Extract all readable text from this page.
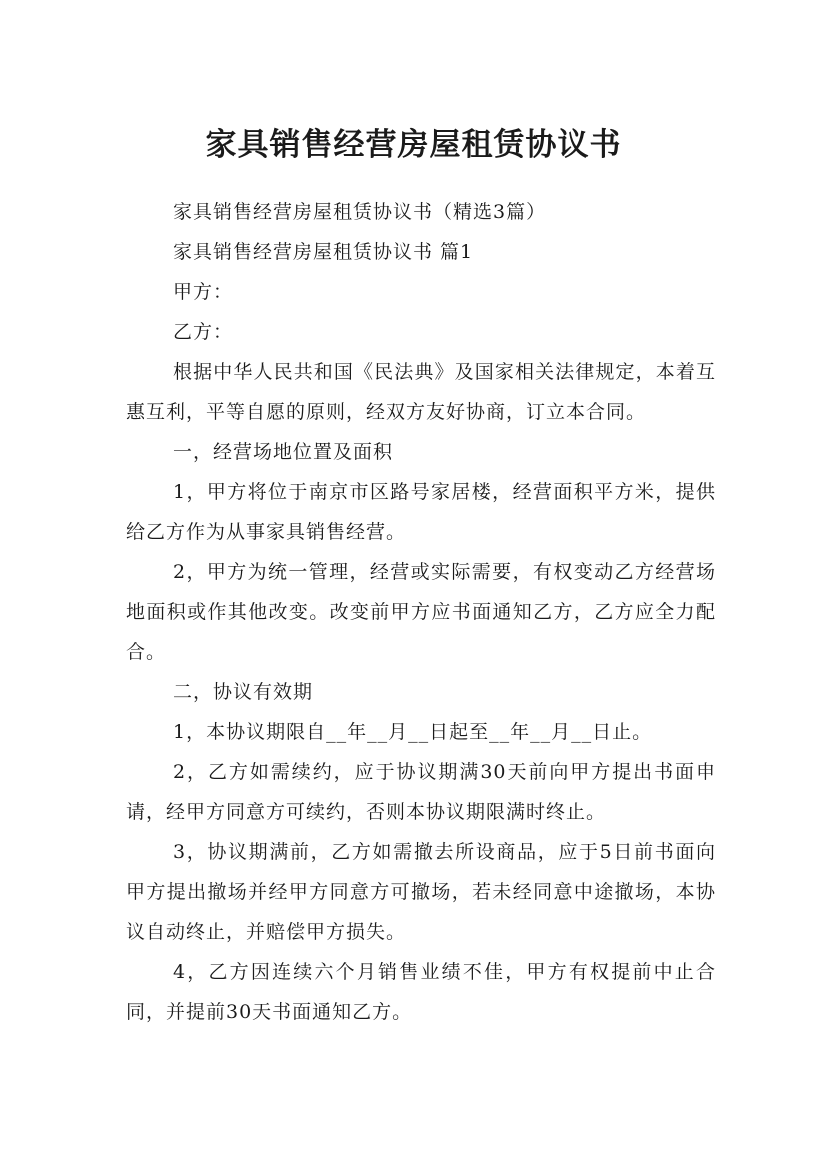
家具销售经营房屋租赁协议书

家具销售经营房屋租赁协议书（精选3篇）

家具销售经营房屋租赁协议书 篇1

甲方：

乙方：

根据中华人民共和国《民法典》及国家相关法律规定，本着互惠互利，平等自愿的原则，经双方友好协商，订立本合同。

一，经营场地位置及面积

1，甲方将位于南京市区路号家居楼，经营面积平方米，提供给乙方作为从事家具销售经营。

2，甲方为统一管理，经营或实际需要，有权变动乙方经营场地面积或作其他改变。改变前甲方应书面通知乙方，乙方应全力配合。

二，协议有效期

1，本协议期限自__年__月__日起至__年__月__日止。

2，乙方如需续约，应于协议期满30天前向甲方提出书面申请，经甲方同意方可续约，否则本协议期限满时终止。

3，协议期满前，乙方如需撤去所设商品，应于5日前书面向甲方提出撤场并经甲方同意方可撤场，若未经同意中途撤场，本协议自动终止，并赔偿甲方损失。

4，乙方因连续六个月销售业绩不佳，甲方有权提前中止合同，并提前30天书面通知乙方。
